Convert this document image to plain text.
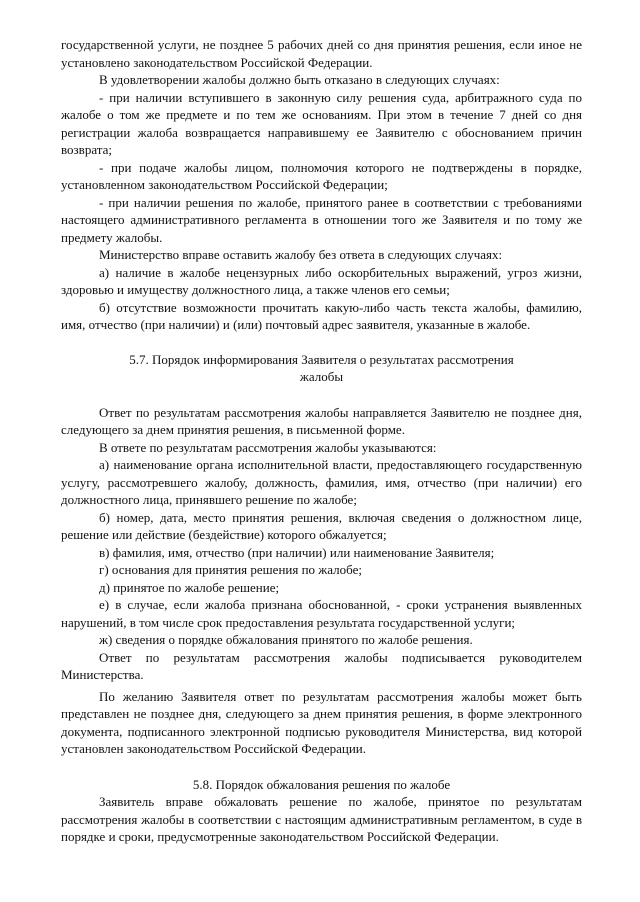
государственной услуги, не позднее 5 рабочих дней со дня принятия решения, если иное не установлено законодательством Российской Федерации.

В удовлетворении жалобы должно быть отказано в следующих случаях:

- при наличии вступившего в законную силу решения суда, арбитражного суда по жалобе о том же предмете и по тем же основаниям. При этом в течение 7 дней со дня регистрации жалоба возвращается направившему ее Заявителю с обоснованием причин возврата;

- при подаче жалобы лицом, полномочия которого не подтверждены в порядке, установленном законодательством Российской Федерации;

- при наличии решения по жалобе, принятого ранее в соответствии с требованиями настоящего административного регламента в отношении того же Заявителя и по тому же предмету жалобы.

Министерство вправе оставить жалобу без ответа в следующих случаях:

а) наличие в жалобе нецензурных либо оскорбительных выражений, угроз жизни, здоровью и имуществу должностного лица, а также членов его семьи;

б) отсутствие возможности прочитать какую-либо часть текста жалобы, фамилию, имя, отчество (при наличии) и (или) почтовый адрес заявителя, указанные в жалобе.

5.7. Порядок информирования Заявителя о результатах рассмотрения
жалобы

Ответ по результатам рассмотрения жалобы направляется Заявителю не позднее дня, следующего за днем принятия решения, в письменной форме.

В ответе по результатам рассмотрения жалобы указываются:

а) наименование органа исполнительной власти, предоставляющего государственную услугу, рассмотревшего жалобу, должность, фамилия, имя, отчество (при наличии) его должностного лица, принявшего решение по жалобе;

б) номер, дата, место принятия решения, включая сведения о должностном лице, решение или действие (бездействие) которого обжалуется;

в) фамилия, имя, отчество (при наличии) или наименование Заявителя;

г) основания для принятия решения по жалобе;

д) принятое по жалобе решение;

е) в случае, если жалоба признана обоснованной, - сроки устранения выявленных нарушений, в том числе срок предоставления результата государственной услуги;

ж) сведения о порядке обжалования принятого по жалобе решения.

Ответ по результатам рассмотрения жалобы подписывается руководителем Министерства.

По желанию Заявителя ответ по результатам рассмотрения жалобы может быть представлен не позднее дня, следующего за днем принятия решения, в форме электронного документа, подписанного электронной подписью руководителя Министерства, вид которой установлен законодательством Российской Федерации.

5.8. Порядок обжалования решения по жалобе

Заявитель вправе обжаловать решение по жалобе, принятое по результатам рассмотрения жалобы в соответствии с настоящим административным регламентом, в суде в порядке и сроки, предусмотренные законодательством Российской Федерации.
